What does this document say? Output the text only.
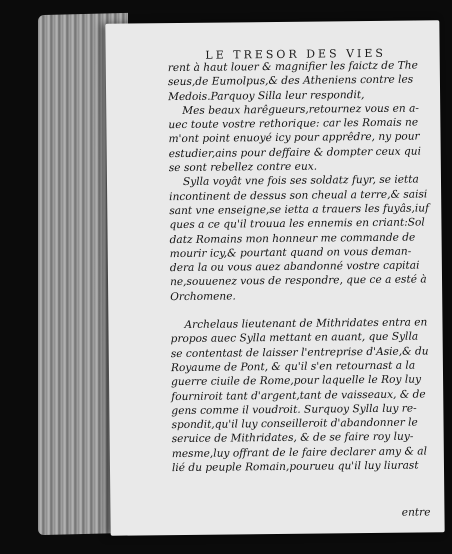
LE TRESOR DES VIES

rent à haut louer & magnifier les faictz de The
seus,de Eumolpus,& des Atheniens contre les
Medois.Parquoy Silla leur respondit,

Mes beaux harêgueurs,retournez vous en a-
uec toute vostre rethorique: car les Romais ne
m'ont point enuoyé icy pour apprêdre, ny pour
estudier,ains pour deffaire & dompter ceux qui
se sont rebellez contre eux.

Sylla voyât vne fois ses soldatz fuyr, se ietta
incontinent de dessus son cheual a terre,& saisi
sant vne enseigne,se ietta a trauers les fuyâs,iuf
ques a ce qu'il trouua les ennemis en criant:Sol
datz Romains mon honneur me commande de
mourir icy,& pourtant quand on vous deman-
dera la ou vous auez abandonné vostre capitai
ne,souuenez vous de respondre, que ce a esté à
Orchomene.

Archelaus lieutenant de Mithridates entra en
propos auec Sylla mettant en auant, que Sylla
se contentast de laisser l'entreprise d'Asie,& du
Royaume de Pont, & qu'il s'en retournast a la
guerre ciuile de Rome,pour laquelle le Roy luy
fourniroit tant d'argent,tant de vaisseaux, & de
gens comme il voudroit. Surquoy Sylla luy re-
spondit,qu'il luy conseilleroit d'abandonner le
seruice de Mithridates, & de se faire roy luy-
mesme,luy offrant de le faire declarer amy & al
lié du peuple Romain,pourueu qu'il luy liurast

entre
